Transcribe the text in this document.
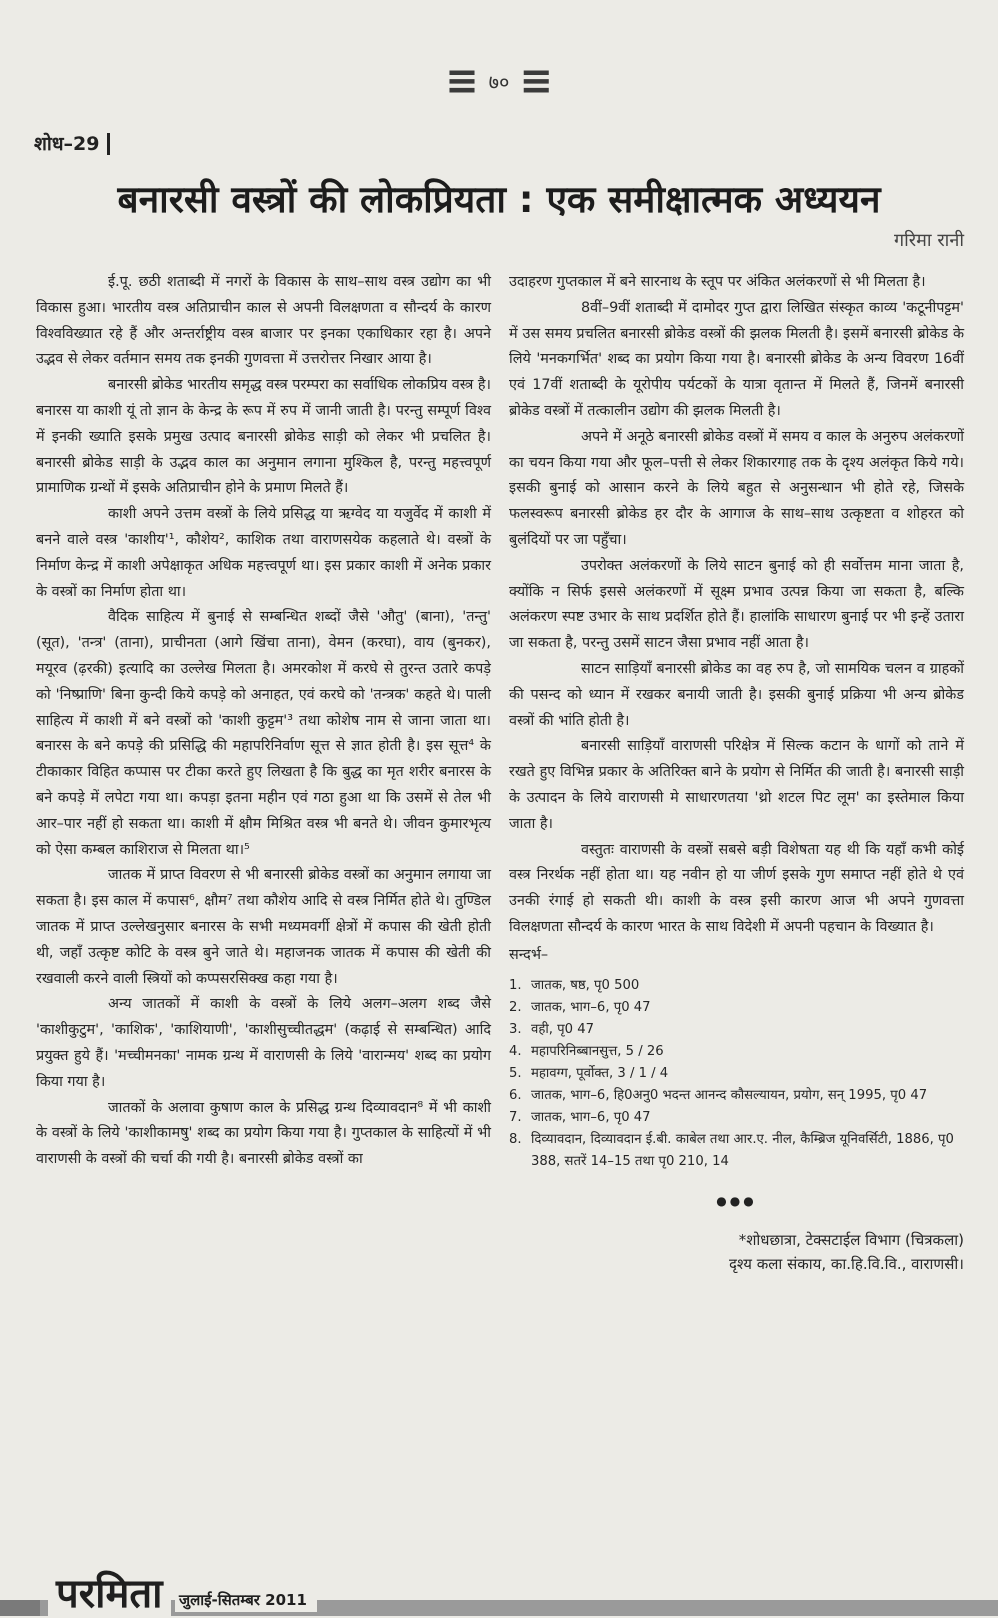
≡ ७० ≡
शोध–29
बनारसी वस्त्रों की लोकप्रियता : एक समीक्षात्मक अध्ययन
गरिमा रानी

ई.पू. छठी शताब्दी में नगरों के विकास के साथ–साथ वस्त्र उद्योग का भी विकास हुआ। भारतीय वस्त्र अतिप्राचीन काल से अपनी विलक्षणता व सौन्दर्य के कारण विश्वविख्यात रहे हैं और अन्तर्राष्ट्रीय वस्त्र बाजार पर इनका एकाधिकार रहा है। अपने उद्भव से लेकर वर्तमान समय तक इनकी गुणवत्ता में उत्तरोत्तर निखार आया है।

बनारसी ब्रोकेड भारतीय समृद्ध वस्त्र परम्परा का सर्वाधिक लोकप्रिय वस्त्र है। बनारस या काशी यूं तो ज्ञान के केन्द्र के रूप में रुप में जानी जाती है। परन्तु सम्पूर्ण विश्व में इनकी ख्याति इसके प्रमुख उत्पाद बनारसी ब्रोकेड साड़ी को लेकर भी प्रचलित है। बनारसी ब्रोकेड साड़ी के उद्भव काल का अनुमान लगाना मुश्किल है, परन्तु महत्त्वपूर्ण प्रामाणिक ग्रन्थों में इसके अतिप्राचीन होने के प्रमाण मिलते हैं।

काशी अपने उत्तम वस्त्रों के लिये प्रसिद्ध या ऋग्वेद या यजुर्वेद में काशी में बनने वाले वस्त्र 'काशीय'¹, कौशेय², काशिक तथा वाराणसयेक कहलाते थे। वस्त्रों के निर्माण केन्द्र में काशी अपेक्षाकृत अधिक महत्त्वपूर्ण था। इस प्रकार काशी में अनेक प्रकार के वस्त्रों का निर्माण होता था।

वैदिक साहित्य में बुनाई से सम्बन्धित शब्दों जैसे 'औतु' (बाना), 'तन्तु' (सूत), 'तन्त्र' (ताना), प्राचीनता (आगे खिंचा ताना), वेमन (करघा), वाय (बुनकर), मयूरव (ढ़रकी) इत्यादि का उल्लेख मिलता है। अमरकोश में करघे से तुरन्त उतारे कपड़े को 'निष्प्राणि' बिना कुन्दी किये कपड़े को अनाहत, एवं करघे को 'तन्त्रक' कहते थे। पाली साहित्य में काशी में बने वस्त्रों को 'काशी कुट्टम'³ तथा कोशेष नाम से जाना जाता था। बनारस के बने कपड़े की प्रसिद्धि की महापरिनिर्वाण सूत्त से ज्ञात होती है। इस सूत्त⁴ के टीकाकार विहित कप्पास पर टीका करते हुए लिखता है कि बुद्ध का मृत शरीर बनारस के बने कपड़े में लपेटा गया था। कपड़ा इतना महीन एवं गठा हुआ था कि उसमें से तेल भी आर–पार नहीं हो सकता था। काशी में क्षौम मिश्रित वस्त्र भी बनते थे। जीवन कुमारभृत्य को ऐसा कम्बल काशिराज से मिलता था।⁵

जातक में प्राप्त विवरण से भी बनारसी ब्रोकेड वस्त्रों का अनुमान लगाया जा सकता है। इस काल में कपास⁶, क्षौम⁷ तथा कौशेय आदि से वस्त्र निर्मित होते थे। तुण्डिल जातक में प्राप्त उल्लेखनुसार बनारस के सभी मध्यमवर्गी क्षेत्रों में कपास की खेती होती थी, जहाँ उत्कृष्ट कोटि के वस्त्र बुने जाते थे। महाजनक जातक में कपास की खेती की रखवाली करने वाली स्त्रियों को कप्पसरसिक्ख कहा गया है।

अन्य जातकों में काशी के वस्त्रों के लिये अलग–अलग शब्द जैसे 'काशीकुटुम', 'काशिक', 'काशियाणी', 'काशीसुच्चीतद्धम' (कढ़ाई से सम्बन्धित) आदि प्रयुक्त हुये हैं। 'मच्चीमनका' नामक ग्रन्थ में वाराणसी के लिये 'वारान्मय' शब्द का प्रयोग किया गया है।

जातकों के अलावा कुषाण काल के प्रसिद्ध ग्रन्थ दिव्यावदान⁸ में भी काशी के वस्त्रों के लिये 'काशीकामषु' शब्द का प्रयोग किया गया है। गुप्तकाल के साहित्यों में भी वाराणसी के वस्त्रों की चर्चा की गयी है। बनारसी ब्रोकेड वस्त्रों का

उदाहरण गुप्तकाल में बने सारनाथ के स्तूप पर अंकित अलंकरणों से भी मिलता है।

8वीं–9वीं शताब्दी में दामोदर गुप्त द्वारा लिखित संस्कृत काव्य 'कटूनीपट्टम' में उस समय प्रचलित बनारसी ब्रोकेड वस्त्रों की झलक मिलती है। इसमें बनारसी ब्रोकेड के लिये 'मनकगर्भित' शब्द का प्रयोग किया गया है। बनारसी ब्रोकेड के अन्य विवरण 16वीं एवं 17वीं शताब्दी के यूरोपीय पर्यटकों के यात्रा वृतान्त में मिलते हैं, जिनमें बनारसी ब्रोकेड वस्त्रों में तत्कालीन उद्योग की झलक मिलती है।

अपने में अनूठे बनारसी ब्रोकेड वस्त्रों में समय व काल के अनुरुप अलंकरणों का चयन किया गया और फूल–पत्ती से लेकर शिकारगाह तक के दृश्य अलंकृत किये गये। इसकी बुनाई को आसान करने के लिये बहुत से अनुसन्धान भी होते रहे, जिसके फलस्वरूप बनारसी ब्रोकेड हर दौर के आगाज के साथ–साथ उत्कृष्टता व शोहरत को बुलंदियों पर जा पहुँचा।

उपरोक्त अलंकरणों के लिये साटन बुनाई को ही सर्वोत्तम माना जाता है, क्योंकि न सिर्फ इससे अलंकरणों में सूक्ष्म प्रभाव उत्पन्न किया जा सकता है, बल्कि अलंकरण स्पष्ट उभार के साथ प्रदर्शित होते हैं। हालांकि साधारण बुनाई पर भी इन्हें उतारा जा सकता है, परन्तु उसमें साटन जैसा प्रभाव नहीं आता है।

साटन साड़ियाँ बनारसी ब्रोकेड का वह रुप है, जो सामयिक चलन व ग्राहकों की पसन्द को ध्यान में रखकर बनायी जाती है। इसकी बुनाई प्रक्रिया भी अन्य ब्रोकेड वस्त्रों की भांति होती है।

बनारसी साड़ियाँ वाराणसी परिक्षेत्र में सिल्क कटान के धागों को ताने में रखते हुए विभिन्न प्रकार के अतिरिक्त बाने के प्रयोग से निर्मित की जाती है। बनारसी साड़ी के उत्पादन के लिये वाराणसी मे साधारणतया 'थ्रो शटल पिट लूम' का इस्तेमाल किया जाता है।

वस्तुतः वाराणसी के वस्त्रों सबसे बड़ी विशेषता यह थी कि यहाँ कभी कोई वस्त्र निरर्थक नहीं होता था। यह नवीन हो या जीर्ण इसके गुण समाप्त नहीं होते थे एवं उनकी रंगाई हो सकती थी। काशी के वस्त्र इसी कारण आज भी अपने गुणवत्ता विलक्षणता सौन्दर्य के कारण भारत के साथ विदेशी में अपनी पहचान के विख्यात है।

सन्दर्भ–
1. जातक, षष्ठ, पृ0 500
2. जातक, भाग–6, पृ0 47
3. वही, पृ0 47
4. महापरिनिब्बानसुत्त, 5 / 26
5. महावग्ग, पूर्वोक्त, 3 / 1 / 4
6. जातक, भाग–6, हि0अनु0 भदन्त आनन्द कौसल्यायन, प्रयोग, सन् 1995, पृ0 47
7. जातक, भाग–6, पृ0 47
8. दिव्यावदान, दिव्यावदान ई.बी. काबेल तथा आर.ए. नील, कैम्ब्रिज यूनिवर्सिटी, 1886, पृ0 388, सतरें 14–15 तथा पृ0 210, 14
●●●
*शोधछात्रा, टेक्सटाईल विभाग (चित्रकला)
दृश्य कला संकाय, का.हि.वि.वि., वाराणसी।
परमिता	जुलाई-सितम्बर 2011
